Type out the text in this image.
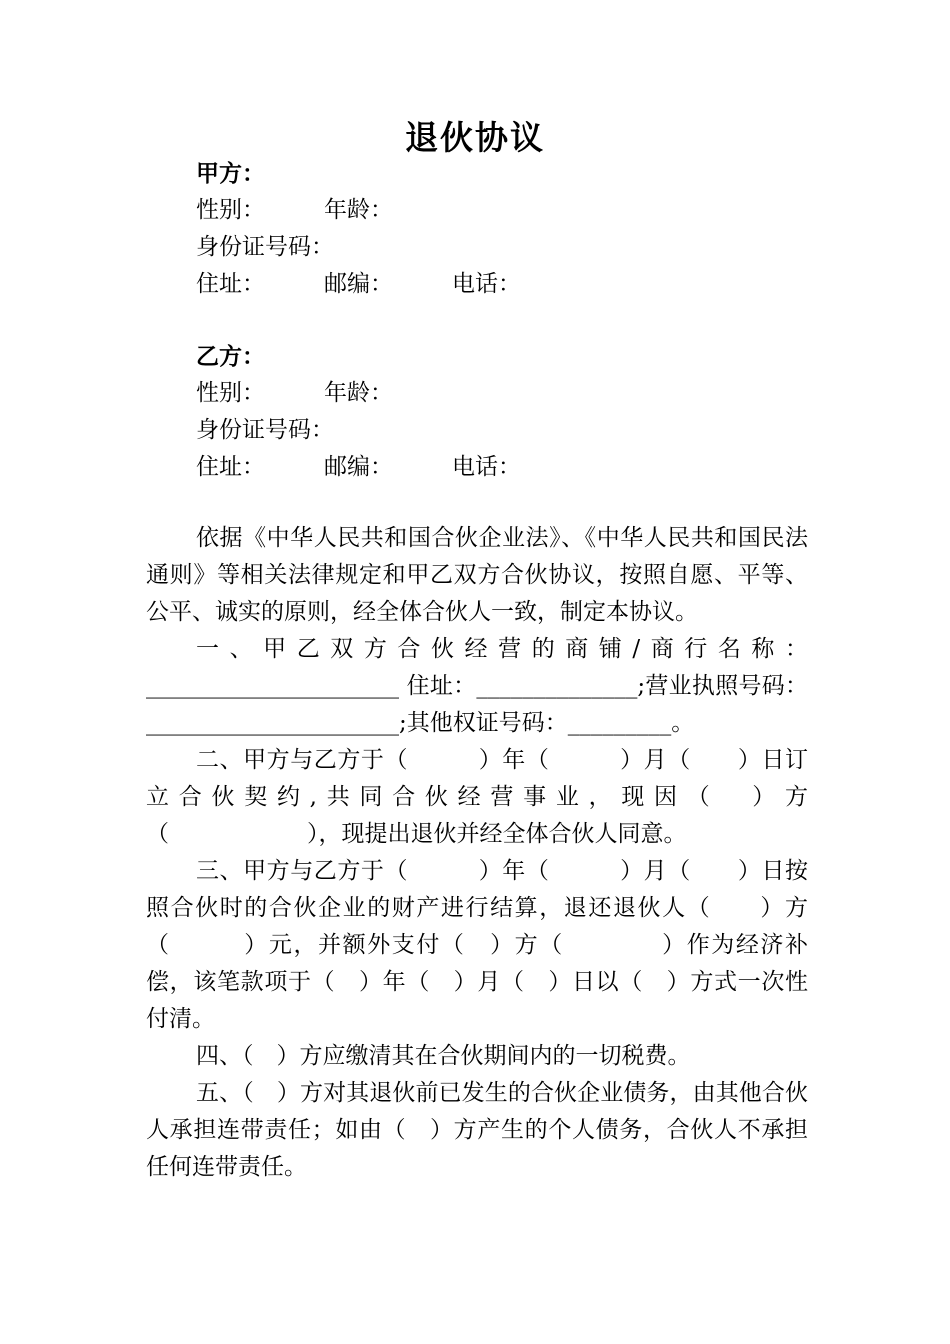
退伙协议
甲方：
性别：	年龄：
身份证号码：
住址：	邮编：	电话：
乙方：
性别：	年龄：
身份证号码：
住址：	邮编：	电话：

依据《中华人民共和国合伙企业法》、《中华人民共和国民法通则》等相关法律规定和甲乙双方合伙协议，按照自愿、平等、公平、诚实的原则，经全体合伙人一致，制定本协议。

一、甲乙双方合伙经营的商铺/商行名称：______________________ 住址：______________;营业执照号码：______________________;其他权证号码：_________。

二、甲方与乙方于（　　　）年（　　　）月（　　）日订立合伙契约,共同合伙经营事业，现因（　）方（　　　　　　），现提出退伙并经全体合伙人同意。

三、甲方与乙方于（　　　）年（　　　）月（　　）日按照合伙时的合伙企业的财产进行结算，退还退伙人（　　）方（　　　）元，并额外支付（　）方（　　　　）作为经济补偿，该笔款项于（　）年（　）月（　）日以（　）方式一次性付清。

四、（　）方应缴清其在合伙期间内的一切税费。

五、（　）方对其退伙前已发生的合伙企业债务，由其他合伙人承担连带责任；如由（　）方产生的个人债务，合伙人不承担任何连带责任。
